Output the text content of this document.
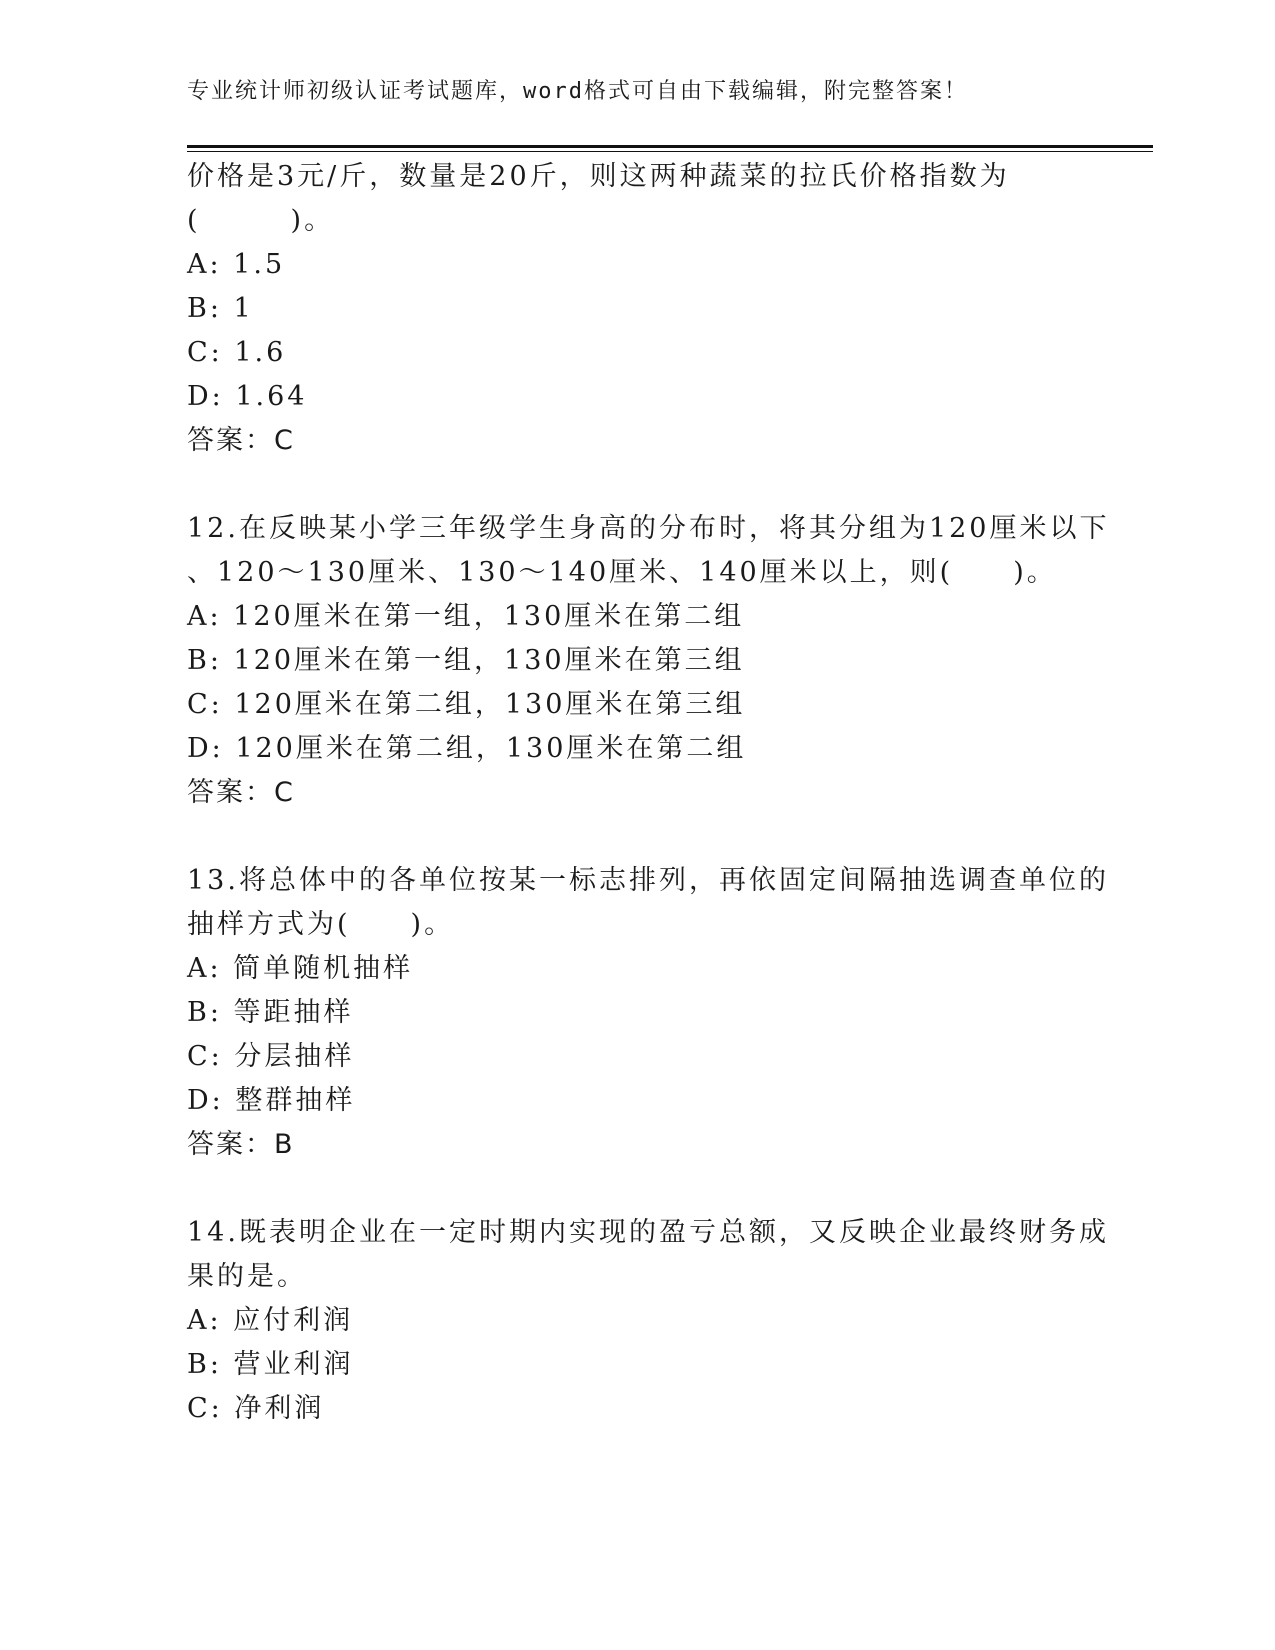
专业统计师初级认证考试题库，word格式可自由下载编辑，附完整答案！
价格是3元/斤，数量是20斤，则这两种蔬菜的拉氏价格指数为
(　　　)。
A: 1.5
B: 1
C: 1.6
D: 1.64
答案：C
12.在反映某小学三年级学生身高的分布时，将其分组为120厘米以下
、120～130厘米、130～140厘米、140厘米以上，则(　　)。
A: 120厘米在第一组，130厘米在第二组
B: 120厘米在第一组，130厘米在第三组
C: 120厘米在第二组，130厘米在第三组
D: 120厘米在第二组，130厘米在第二组
答案：C
13.将总体中的各单位按某一标志排列，再依固定间隔抽选调查单位的
抽样方式为(　　)。
A: 简单随机抽样
B: 等距抽样
C: 分层抽样
D: 整群抽样
答案：B
14.既表明企业在一定时期内实现的盈亏总额，又反映企业最终财务成
果的是。
A: 应付利润
B: 营业利润
C: 净利润
